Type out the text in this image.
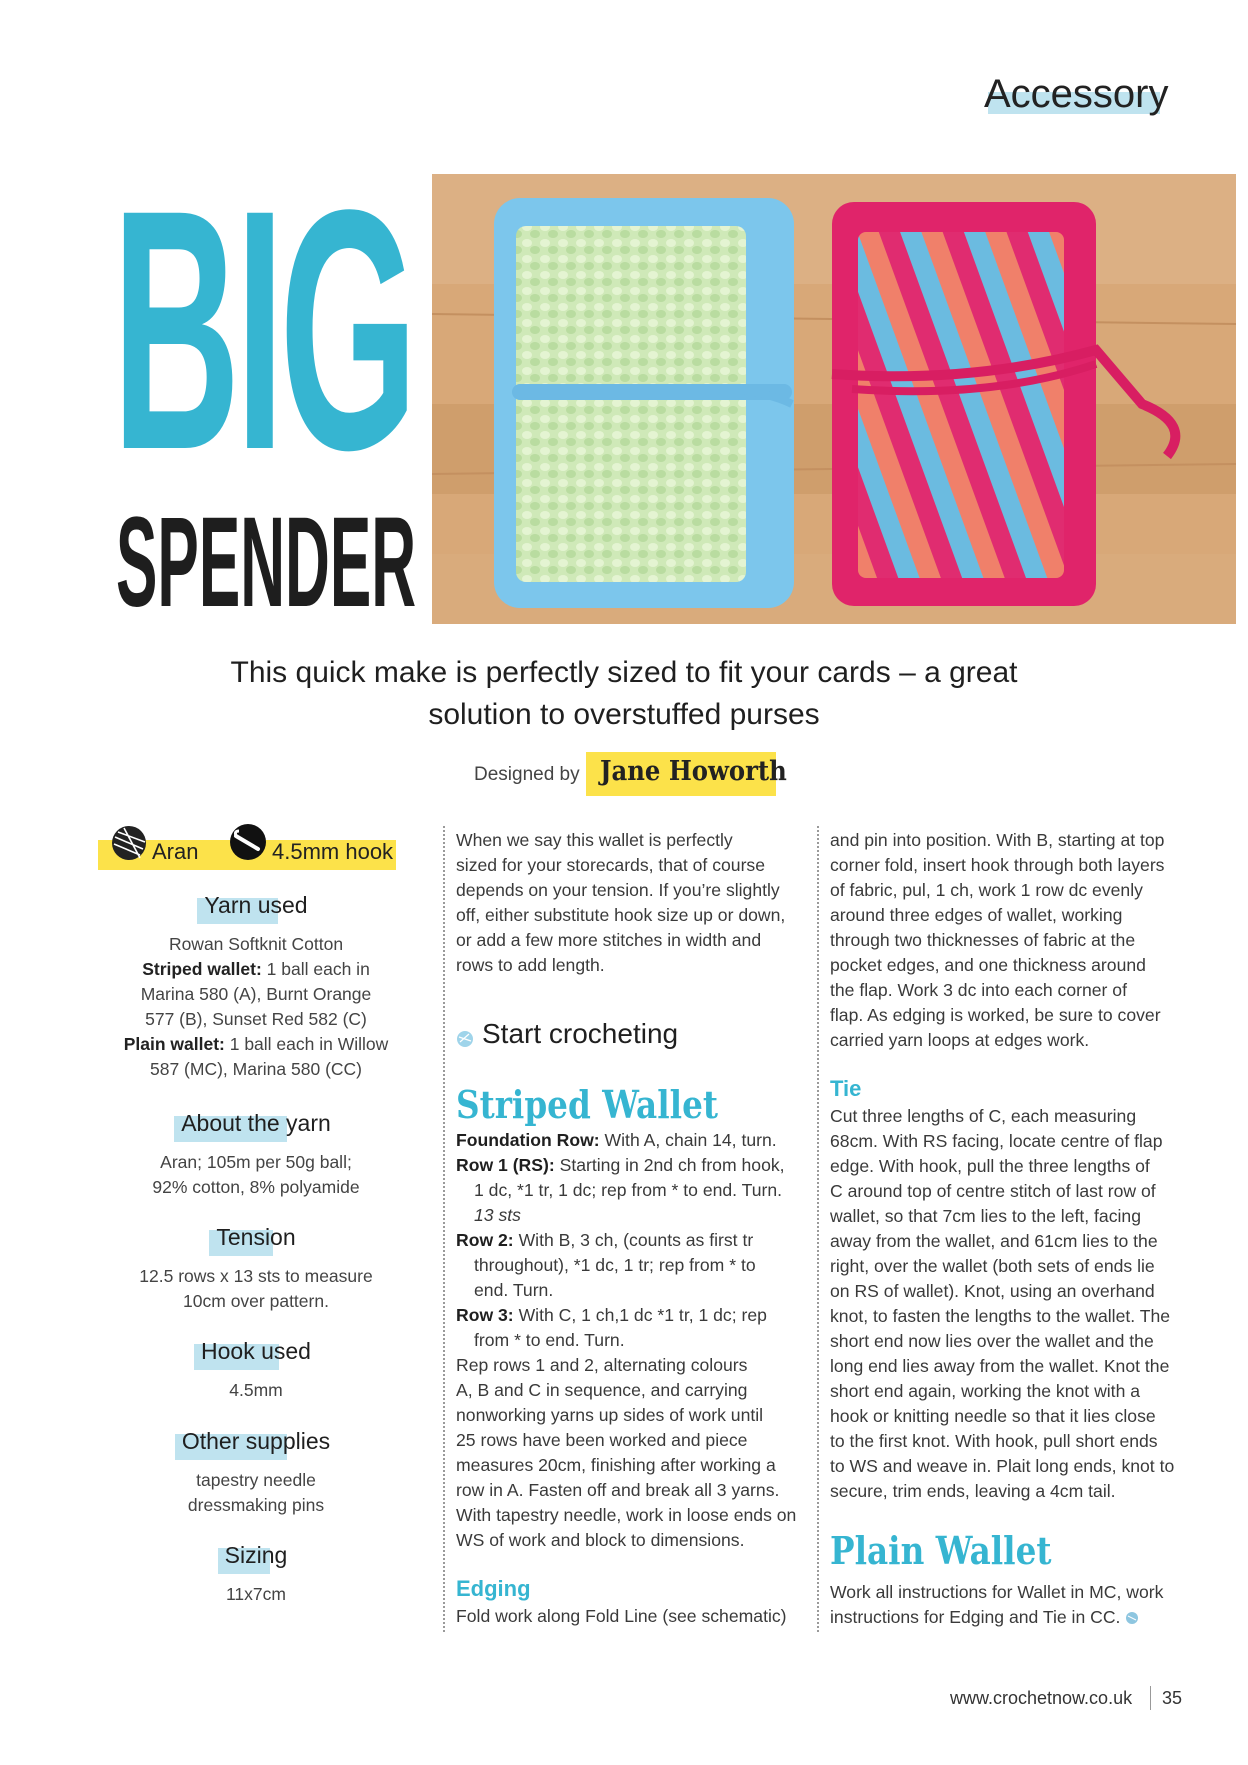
Accessory
BIG
SPENDER
This quick make is perfectly sized to fit your cards – a great
solution to overstuffed purses
Designed by Jane Howorth
Aran	4.5mm hook
Yarn used
Rowan Softknit Cotton
Striped wallet: 1 ball each in
Marina 580 (A), Burnt Orange
577 (B), Sunset Red 582 (C)
Plain wallet: 1 ball each in Willow
587 (MC), Marina 580 (CC)
About the yarn
Aran; 105m per 50g ball;
92% cotton, 8% polyamide
Tension
12.5 rows x 13 sts to measure
10cm over pattern.
Hook used
4.5mm
Other supplies
tapestry needle
dressmaking pins
Sizing
11x7cm

When we say this wallet is perfectly

sized for your storecards, that of course

depends on your tension. If you’re slightly

off, either substitute hook size up or down,

or add a few more stitches in width and

rows to add length.

Start crocheting
Striped Wallet

Foundation Row: With A, chain 14, turn.

Row 1 (RS): Starting in 2nd ch from hook,

1 dc, *1 tr, 1 dc; rep from * to end. Turn.

13 sts

Row 2: With B, 3 ch, (counts as first tr

throughout), *1 dc, 1 tr; rep from * to

end. Turn.

Row 3: With C, 1 ch,1 dc *1 tr, 1 dc; rep

from * to end. Turn.

Rep rows 1 and 2, alternating colours

A, B and C in sequence, and carrying

nonworking yarns up sides of work until

25 rows have been worked and piece

measures 20cm, finishing after working a

row in A. Fasten off and break all 3 yarns.

With tapestry needle, work in loose ends on

WS of work and block to dimensions.

Edging
Fold work along Fold Line (see schematic)

and pin into position. With B, starting at top

corner fold, insert hook through both layers

of fabric, pul, 1 ch, work 1 row dc evenly

around three edges of wallet, working

through two thicknesses of fabric at the

pocket edges, and one thickness around

the flap. Work 3 dc into each corner of

flap. As edging is worked, be sure to cover

carried yarn loops at edges work.

Tie

Cut three lengths of C, each measuring

68cm. With RS facing, locate centre of flap

edge. With hook, pull the three lengths of

C around top of centre stitch of last row of

wallet, so that 7cm lies to the left, facing

away from the wallet, and 61cm lies to the

right, over the wallet (both sets of ends lie

on RS of wallet). Knot, using an overhand

knot, to fasten the lengths to the wallet. The

short end now lies over the wallet and the

long end lies away from the wallet. Knot the

short end again, working the knot with a

hook or knitting needle so that it lies close

to the first knot. With hook, pull short ends

to WS and weave in. Plait long ends, knot to

secure, trim ends, leaving a 4cm tail.

Plain Wallet

Work all instructions for Wallet in MC, work

instructions for Edging and Tie in CC.

www.crochetnow.co.uk 35
